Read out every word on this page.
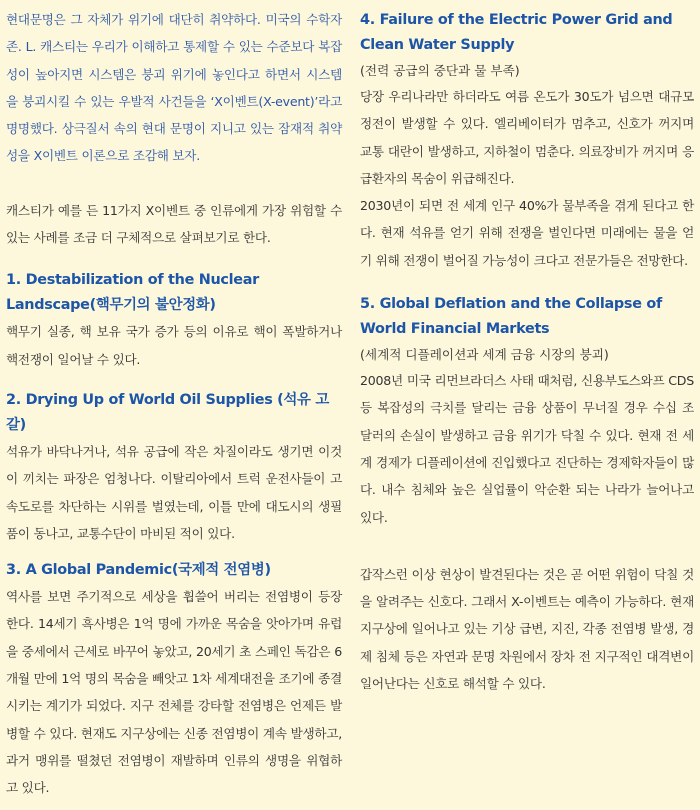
현대문명은 그 자체가 위기에 대단히 취약하다. 미국의 수학자 존. L. 캐스티는 우리가 이해하고 통제할 수 있는 수준보다 복잡성이 높아지면 시스템은 붕괴 위기에 놓인다고 하면서 시스템을 붕괴시킬 수 있는 우발적 사건들을 ‘X이벤트(X-event)’라고 명명했다. 상극질서 속의 현대 문명이 지니고 있는 잠재적 취약성을 X이벤트 이론으로 조감해 보자.

캐스티가 예를 든 11가지 X이벤트 중 인류에게 가장 위험할 수 있는 사례를 조금 더 구체적으로 살펴보기로 한다.

1. Destabilization of the Nuclear Landscape(핵무기의 불안정화)

핵무기 실종, 핵 보유 국가 증가 등의 이유로 핵이 폭발하거나 핵전쟁이 일어날 수 있다.

2. Drying Up of World Oil Supplies (석유 고갈)

석유가 바닥나거나, 석유 공급에 작은 차질이라도 생기면 이것이 끼치는 파장은 엄청나다. 이탈리아에서 트럭 운전사들이 고속도로를 차단하는 시위를 벌였는데, 이틀 만에 대도시의 생필품이 동나고, 교통수단이 마비된 적이 있다.

3. A Global Pandemic(국제적 전염병)

역사를 보면 주기적으로 세상을 휩쓸어 버리는 전염병이 등장한다. 14세기 흑사병은 1억 명에 가까운 목숨을 앗아가며 유럽을 중세에서 근세로 바꾸어 놓았고, 20세기 초 스페인 독감은 6개월 만에 1억 명의 목숨을 빼앗고 1차 세계대전을 조기에 종결시키는 계기가 되었다. 지구 전체를 강타할 전염병은 언제든 발병할 수 있다. 현재도 지구상에는 신종 전염병이 계속 발생하고, 과거 맹위를 떨쳤던 전염병이 재발하며 인류의 생명을 위협하고 있다.

4. Failure of the Electric Power Grid and Clean Water Supply
(전력 공급의 중단과 물 부족)

당장 우리나라만 하더라도 여름 온도가 30도가 넘으면 대규모 정전이 발생할 수 있다. 엘리베이터가 멈추고, 신호가 꺼지며 교통 대란이 발생하고, 지하철이 멈춘다. 의료장비가 꺼지며 응급환자의 목숨이 위급해진다.

2030년이 되면 전 세계 인구 40%가 물부족을 겪게 된다고 한다. 현재 석유를 얻기 위해 전쟁을 벌인다면 미래에는 물을 얻기 위해 전쟁이 벌어질 가능성이 크다고 전문가들은 전망한다.

5. Global Deflation and the Collapse of World Financial Markets
(세계적 디플레이션과 세계 금융 시장의 붕괴)

2008년 미국 리먼브라더스 사태 때처럼, 신용부도스와프 CDS 등 복잡성의 극치를 달리는 금융 상품이 무너질 경우 수십 조 달러의 손실이 발생하고 금융 위기가 닥칠 수 있다. 현재 전 세계 경제가 디플레이션에 진입했다고 진단하는 경제학자들이 많다. 내수 침체와 높은 실업률이 악순환 되는 나라가 늘어나고 있다.

갑작스런 이상 현상이 발견된다는 것은 곧 어떤 위험이 닥칠 것을 알려주는 신호다. 그래서 X-이벤트는 예측이 가능하다. 현재 지구상에 일어나고 있는 기상 급변, 지진, 각종 전염병 발생, 경제 침체 등은 자연과 문명 차원에서 장차 전 지구적인 대격변이 일어난다는 신호로 해석할 수 있다.
